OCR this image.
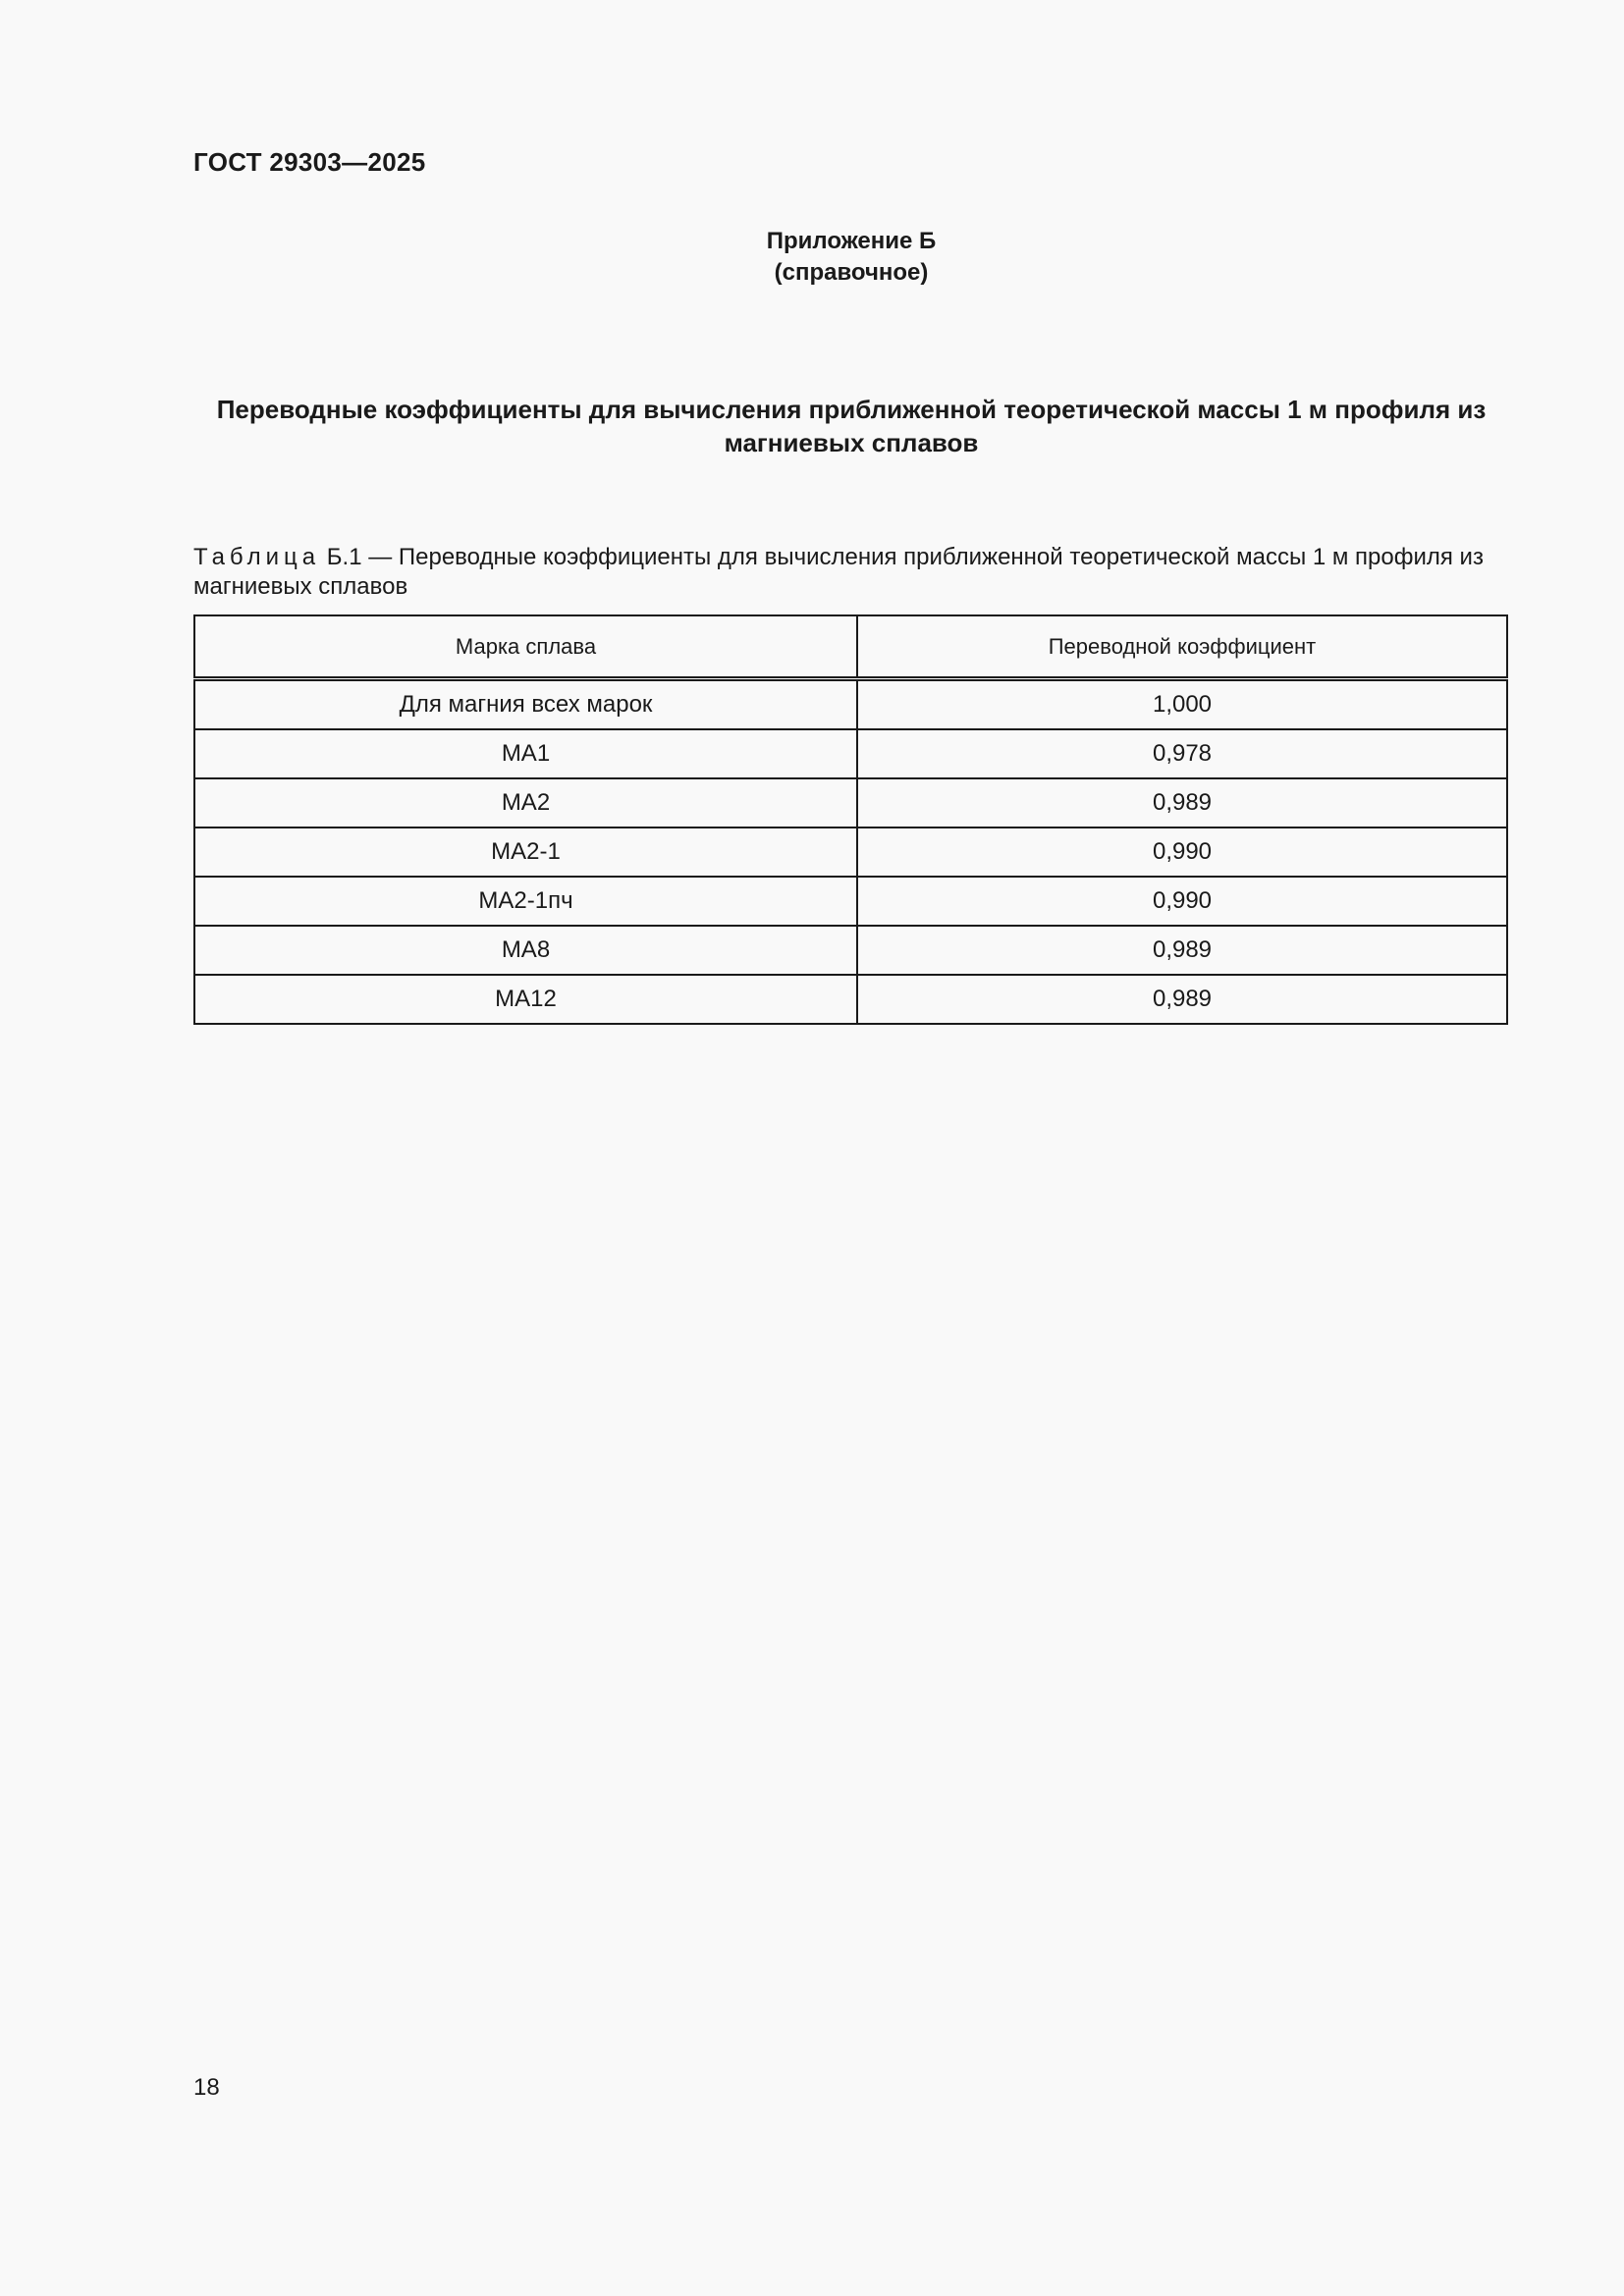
ГОСТ 29303—2025
Приложение Б
(справочное)
Переводные коэффициенты для вычисления приближенной теоретической массы 1 м профиля из магниевых сплавов

Таблица Б.1 — Переводные коэффициенты для вычисления приближенной теоретической массы 1 м профиля из магниевых сплавов

Марка сплава	Переводной коэффициент
Для магния всех марок	1,000
МА1	0,978
МА2	0,989
МА2-1	0,990
МА2-1пч	0,990
МА8	0,989
МА12	0,989

18
